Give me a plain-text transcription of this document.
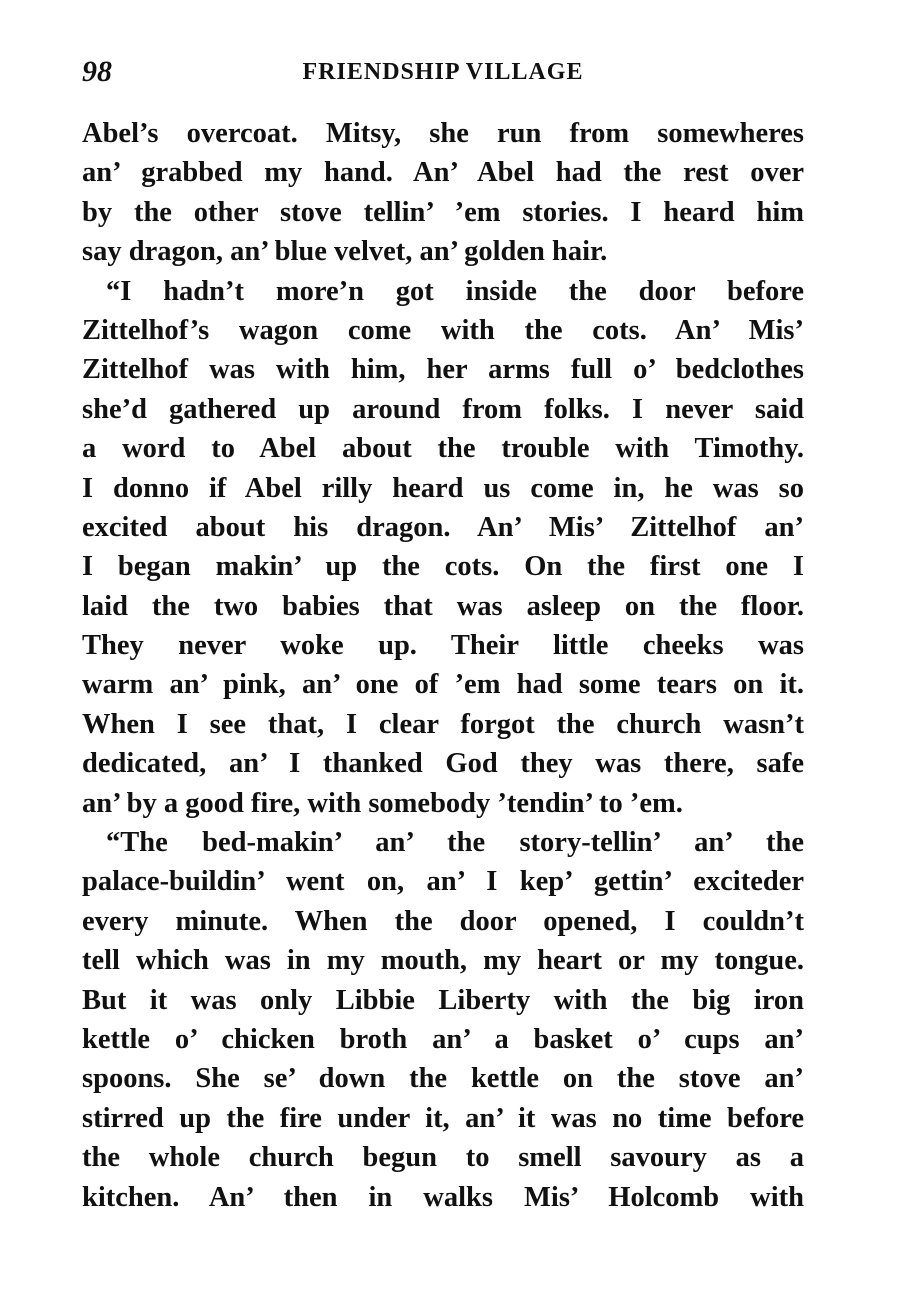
98	FRIENDSHIP VILLAGE
Abel’s overcoat. Mitsy, she run from somewheres
an’ grabbed my hand. An’ Abel had the rest over
by the other stove tellin’ ’em stories. I heard him
say dragon, an’ blue velvet, an’ golden hair.
“I hadn’t more’n got inside the door before
Zittelhof’s wagon come with the cots. An’ Mis’
Zittelhof was with him, her arms full o’ bedclothes
she’d gathered up around from folks. I never said
a word to Abel about the trouble with Timothy.
I donno if Abel rilly heard us come in, he was so
excited about his dragon. An’ Mis’ Zittelhof an’
I began makin’ up the cots. On the first one I
laid the two babies that was asleep on the floor.
They never woke up. Their little cheeks was
warm an’ pink, an’ one of ’em had some tears on it.
When I see that, I clear forgot the church wasn’t
dedicated, an’ I thanked God they was there, safe
an’ by a good fire, with somebody ’tendin’ to ’em.
“The bed-makin’ an’ the story-tellin’ an’ the
palace-buildin’ went on, an’ I kep’ gettin’ exciteder
every minute. When the door opened, I couldn’t
tell which was in my mouth, my heart or my tongue.
But it was only Libbie Liberty with the big iron
kettle o’ chicken broth an’ a basket o’ cups an’
spoons. She se’ down the kettle on the stove an’
stirred up the fire under it, an’ it was no time before
the whole church begun to smell savoury as a
kitchen. An’ then in walks Mis’ Holcomb with
